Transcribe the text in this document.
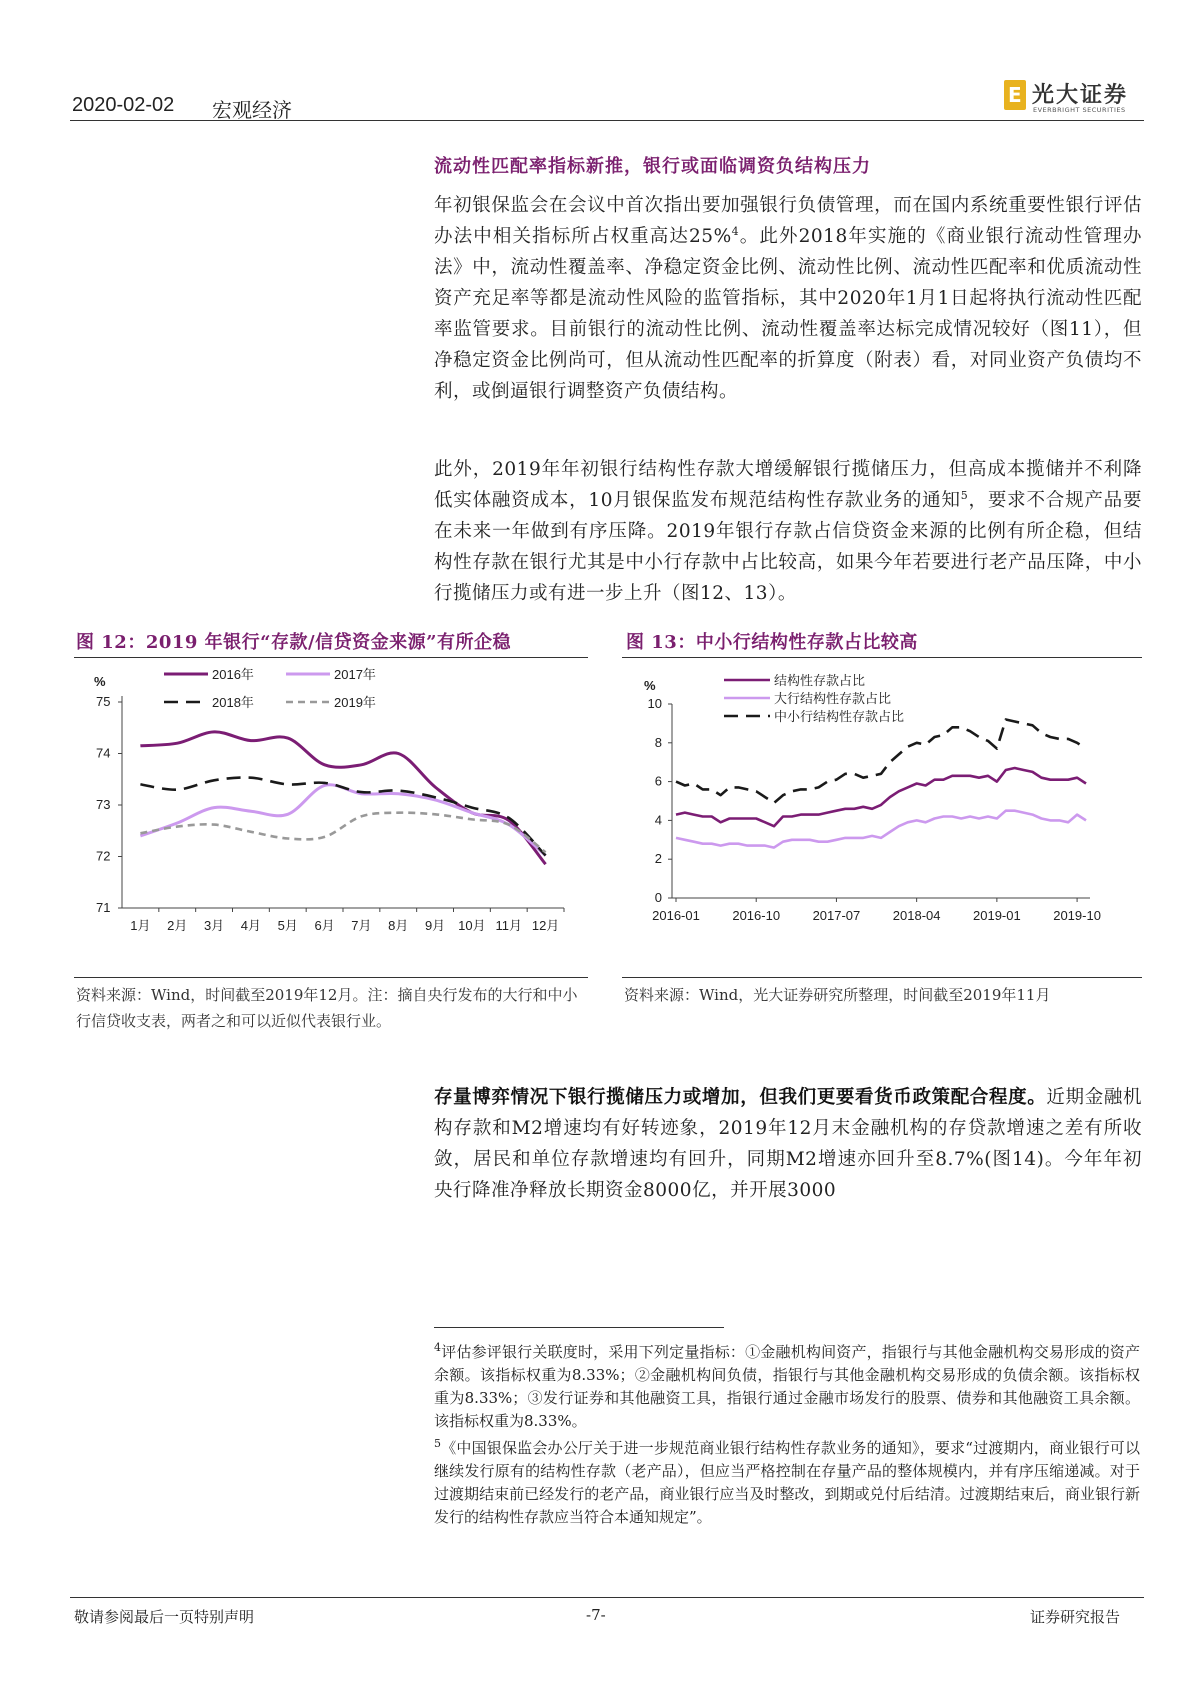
2020-02-02 宏观经济
E 光大证券
EVERBRIGHT SECURITIES
流动性匹配率指标新推，银行或面临调资负结构压力
年初银保监会在会议中首次指出要加强银行负债管理，而在国内系统重要性银行评估办法中相关指标所占权重高达25%$^4$。此外2018年实施的《商业银行流动性管理办法》中，流动性覆盖率、净稳定资金比例、流动性比例、流动性匹配率和优质流动性资产充足率等都是流动性风险的监管指标，其中2020年1月1日起将执行流动性匹配率监管要求。目前银行的流动性比例、流动性覆盖率达标完成情况较好（图11），但净稳定资金比例尚可，但从流动性匹配率的折算度（附表）看，对同业资产负债均不利，或倒逼银行调整资产负债结构。
此外，2019年年初银行结构性存款大增缓解银行揽储压力，但高成本揽储并不利降低实体融资成本，10月银保监发布规范结构性存款业务的通知$^5$，要求不合规产品要在未来一年做到有序压降。2019年银行存款占信贷资金来源的比例有所企稳，但结构性存款在银行尤其是中小行存款中占比较高，如果今年若要进行老产品压降，中小行揽储压力或有进一步上升（图12、13）。
图 12：2019 年银行“存款/信贷资金来源”有所企稳	图 13：中小行结构性存款占比较高
%
75
74
73
72
71
1月 2月 3月 4月 5月 6月 7月 8月 9月 10月 11月 12月
2016年	2017年
2018年	2019年
资料来源：Wind，时间截至2019年12月。注：摘自央行发布的大行和中小行信贷收支表，两者之和可以近似代表银行业。
%
10
8
6
4
2
0
2016-01 2016-10 2017-07 2018-04 2019-01 2019-10
结构性存款占比
大行结构性存款占比
中小行结构性存款占比
资料来源：Wind，光大证券研究所整理，时间截至2019年11月
存量博弈情况下银行揽储压力或增加，但我们更要看货币政策配合程度。近期金融机构存款和M2增速均有好转迹象，2019年12月末金融机构的存贷款增速之差有所收敛，居民和单位存款增速均有回升，同期M2增速亦回升至8.7%(图14)。今年年初央行降准净释放长期资金8000亿，并开展3000
$^4$评估参评银行关联度时，采用下列定量指标：①金融机构间资产，指银行与其他金融机构交易形成的资产余额。该指标权重为8.33%；②金融机构间负债，指银行与其他金融机构交易形成的负债余额。该指标权重为8.33%；③发行证券和其他融资工具，指银行通过金融市场发行的股票、债券和其他融资工具余额。该指标权重为8.33%。
$^5$《中国银保监会办公厅关于进一步规范商业银行结构性存款业务的通知》，要求“过渡期内，商业银行可以继续发行原有的结构性存款（老产品），但应当严格控制在存量产品的整体规模内，并有序压缩递减。对于过渡期结束前已经发行的老产品，商业银行应当及时整改，到期或兑付后结清。过渡期结束后，商业银行新发行的结构性存款应当符合本通知规定”。
敬请参阅最后一页特别声明	-7-	证券研究报告
